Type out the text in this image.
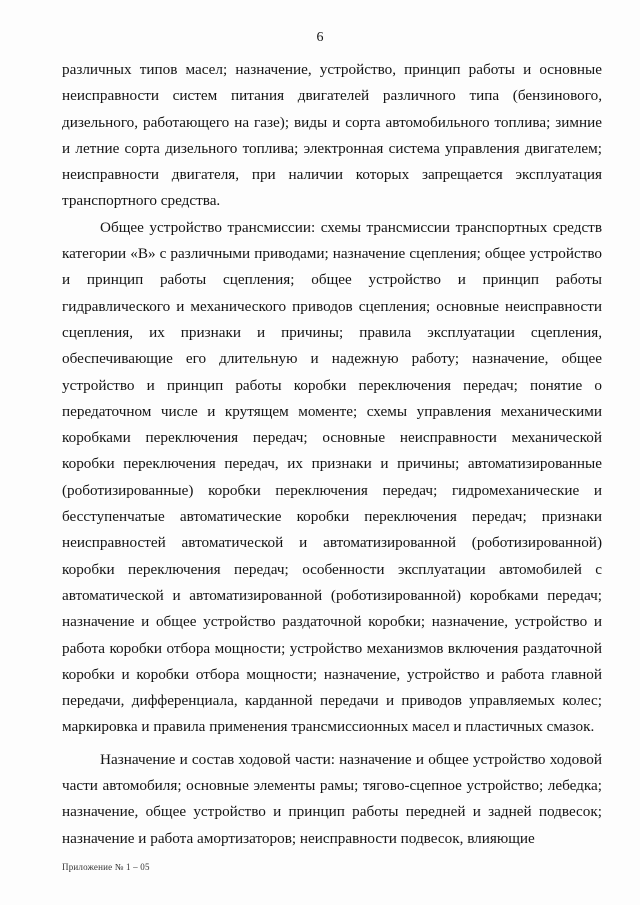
6

различных типов масел; назначение, устройство, принцип работы и основные неисправности систем питания двигателей различного типа (бензинового, дизельного, работающего на газе); виды и сорта автомобильного топлива; зимние и летние сорта дизельного топлива; электронная система управления двигателем; неисправности двигателя, при наличии которых запрещается эксплуатация транспортного средства.

Общее устройство трансмиссии: схемы трансмиссии транспортных средств категории «В» с различными приводами; назначение сцепления; общее устройство и принцип работы сцепления; общее устройство и принцип работы гидравлического и механического приводов сцепления; основные неисправности сцепления, их признаки и причины; правила эксплуатации сцепления, обеспечивающие его длительную и надежную работу; назначение, общее устройство и принцип работы коробки переключения передач; понятие о передаточном числе и крутящем моменте; схемы управления механическими коробками переключения передач; основные неисправности механической коробки переключения передач, их признаки и причины; автоматизированные (роботизированные) коробки переключения передач; гидромеханические и бесступенчатые автоматические коробки переключения передач; признаки неисправностей автоматической и автоматизированной (роботизированной) коробки переключения передач; особенности эксплуатации автомобилей с автоматической и автоматизированной (роботизированной) коробками передач; назначение и общее устройство раздаточной коробки; назначение, устройство и работа коробки отбора мощности; устройство механизмов включения раздаточной коробки и коробки отбора мощности; назначение, устройство и работа главной передачи, дифференциала, карданной передачи и приводов управляемых колес; маркировка и правила применения трансмиссионных масел и пластичных смазок.

Назначение и состав ходовой части: назначение и общее устройство ходовой части автомобиля; основные элементы рамы; тягово-сцепное устройство; лебедка; назначение, общее устройство и принцип работы передней и задней подвесок; назначение и работа амортизаторов; неисправности подвесок, влияющие

Приложение № 1 – 05
